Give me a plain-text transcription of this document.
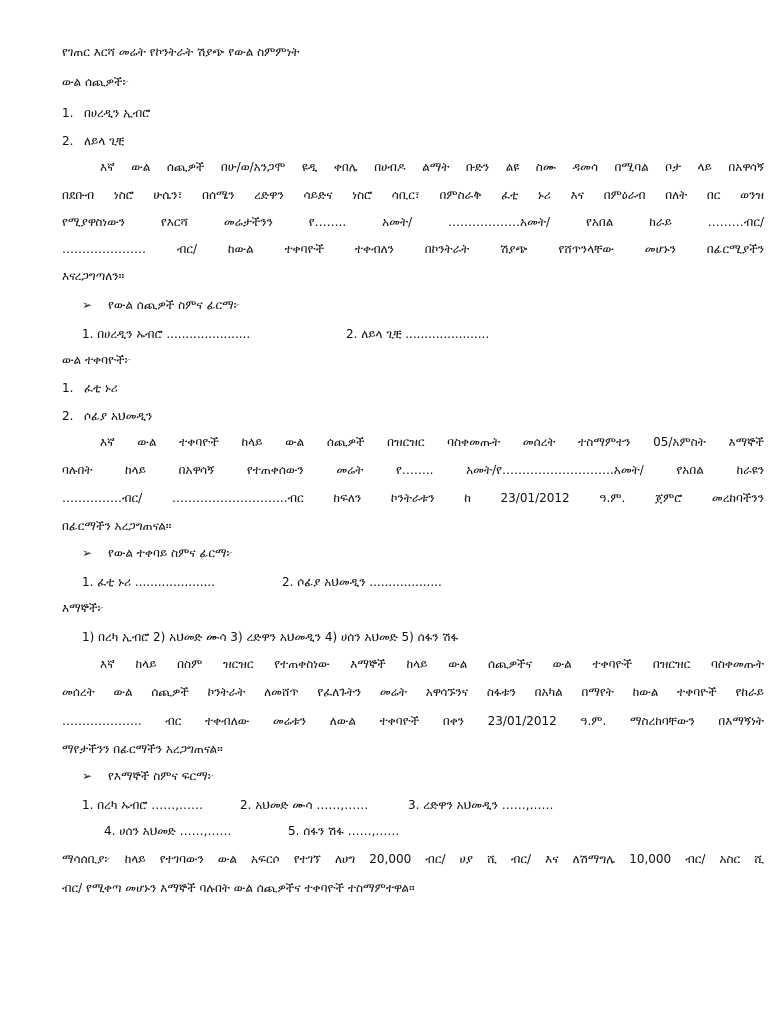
የገጠር እርሻ መሬት የኮንትራት ሽያጭ የውል ስምምነት
ውል ሰጪዎች፦
1. በሀረዲን ኢብሮ
2. ለይላ ጊቺ
እኛ ውል ሰጪዎች በሁ/ወ/አንጋሞ ዩዲ ቀበሌ በሀብዶ ልማት ቡድን ልዩ ስሙ ዳመሳ በሚባል ቦታ ላይ በአዋሳኝ
በደቡብ ነስሮ ሁሴን፣ በሰሜን ረድዋን ሳይድና ነስሮ ሳቢር፣ በምስራቅ ፈቲ ኑሪ እና በምዕራብ በለት በር ወንዝ
የሚያዋስነውን የእርሻ መሬታችንን የ…….. አመት/ ………………አመት/ የአበል ከራይ ………ብር/
………………… ብር/ ከውል ተቀባዮች ተቀብለን በኮንትራት ሽያጭ የሸጥንላቸው መሆኑን በፊርሚያችን
እናረጋግጣለን።
➢ የውል ሰጪዎች ስምና ፊርማ፦
1. በሀረዲን ኡብሮ ......................	2. ለይላ ጊቺ ......................
ውል ተቀባዮች፦
1. ፈቲ ኑሪ
2. ሶፊያ አህመዲን
እኛ ውል ተቀባዮች ከላይ ውል ሰጪዎች በዝርዝር ባስቀመጡት መሰረት ተስማምተን 05/አምስት እማኞች
ባሉበት ከላይ በአዋሳኝ የተጠቀሰውን መሬት የ…….. አመት/የ……………………….አመት/ የአበል ከራዩን
……………ብር/ ………………………..ብር ከፍለን ኮንትራቱን ከ 23/01/2012 ዓ.ም. ጀምሮ መረከባችንን
በፊርማችን አረጋግጠናል።
➢ የውል ተቀባይ ስምና ፊርማ፦
1. ፈቲ ኑሪ .....................	2. ሶፊያ አህመዲን ...................
እማኞች፦
1) በረካ ኢብሮ 2) አህመድ ሙሳ 3) ረድዋን አህመዲን 4) ሀሰን አህመድ 5) ሰፋን ሽፋ
እኛ ከላይ በስም ዝርዝር የተጠቀስነው እማኞች ከላይ ውል ሰጪዎችና ውል ተቀባዮች በዝርዝር ባስቀመጡት
መሰረት ውል ሰጪዎች ኮንትራት ለመሸጥ የፈለጉትን መሬት አዋሳኙንና ስፋቱን በአካል በማየት ከውል ተቀባዮች የከራይ
……………….. ብር ተቀብለው መሬቱን ለውል ተቀባዮች በቀን 23/01/2012 ዓ.ም. ማስረከባቸውን በእማኝነት
ማየታችንን በፊርማችን አረጋግጠናል።
➢ የእማኞች ስምና ፍርማ፦
1. በረካ ኡብሮ ……,……	2. አህመድ ሙሳ ……,……	3. ረድዋን አህመዲን ……,……
4. ሀሰን አህመድ ……,……	5. ሰፋን ሽፋ ……,……
ማሳሰቢያ፦ ከላይ የተገባውን ውል አፍርሶ የተገኘ ለሀግ 20,000 ብር/ ሀያ ሺ ብር/ እና ለሽማግሌ 10,000 ብር/ አስር ሺ
ብር/ የሚቀጣ መሆኑን እማኞች ባሉበት ውል ሰጪዎችና ተቀባዮች ተስማምተዋል።
